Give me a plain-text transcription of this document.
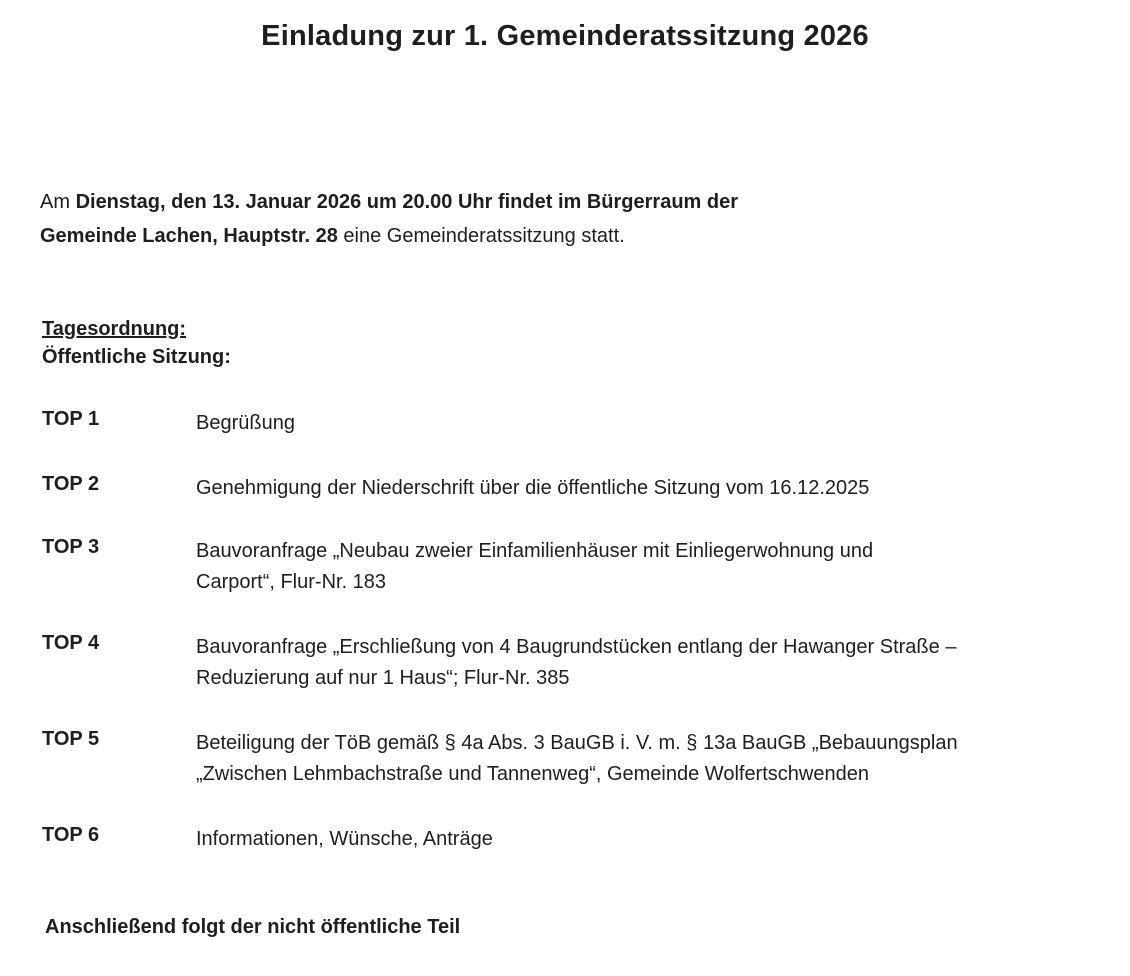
Einladung zur 1. Gemeinderatssitzung 2026

Am Dienstag, den 13. Januar 2026 um 20.00 Uhr findet im Bürgerraum der
Gemeinde Lachen, Hauptstr. 28 eine Gemeinderatssitzung statt.

Tagesordnung:
Öffentliche Sitzung:
TOP 1	Begrüßung
TOP 2	Genehmigung der Niederschrift über die öffentliche Sitzung vom 16.12.2025
TOP 3	Bauvoranfrage „Neubau zweier Einfamilienhäuser mit Einliegerwohnung und
Carport“, Flur-Nr. 183
TOP 4	Bauvoranfrage „Erschließung von 4 Baugrundstücken entlang der Hawanger Straße –
Reduzierung auf nur 1 Haus“; Flur-Nr. 385
TOP 5	Beteiligung der TöB gemäß § 4a Abs. 3 BauGB i. V. m. § 13a BauGB „Bebauungsplan
„Zwischen Lehmbachstraße und Tannenweg“, Gemeinde Wolfertschwenden
TOP 6	Informationen, Wünsche, Anträge
Anschließend folgt der nicht öffentliche Teil
